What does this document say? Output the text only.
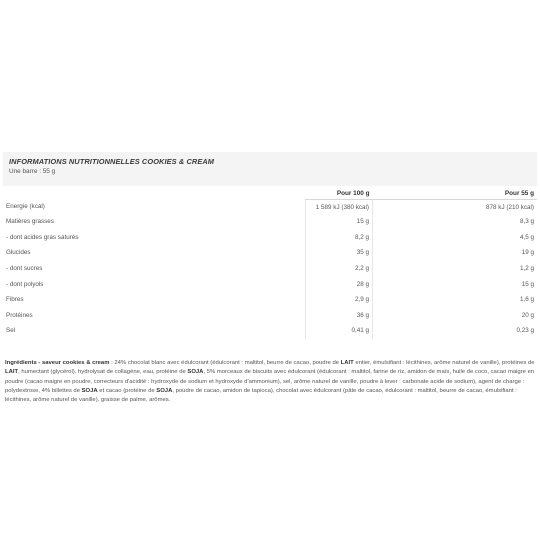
INFORMATIONS NUTRITIONNELLES COOKIES & CREAM
Une barre : 55 g
	Pour 100 g	Pour 55 g
Energie (kcal)	1 589 kJ (380 kcal)	878 kJ (210 kcal)
Matières grasses	15 g	8,3 g
- dont acides gras saturés	8,2 g	4,5 g
Glucides	35 g	19 g
- dont sucres	2,2 g	1,2 g
- dont polyols	28 g	15 g
Fibres	2,9 g	1,6 g
Protéines	36 g	20 g
Sel	0,41 g	0,23 g
Ingrédients - saveur cookies & cream : 24% chocolat blanc avec édulcorant (édulcorant : maltitol, beurre de cacao, poudre de LAIT entier, émulsifiant : lécithines, arôme naturel de vanille), protéines de LAIT, humectant (glycérol), hydrolysat de collagène, eau, protéine de SOJA, 5% morceaux de biscuits avec édulcorant (édulcorant : maltitol, farine de riz, amidon de maïs, huile de coco, cacao maigre en poudre (cacao maigre en poudre, correcteurs d'acidité : hydroxyde de sodium et hydroxyde d'ammonium), sel, arôme naturel de vanille, poudre à lever : carbonate acide de sodium), agent de charge : polydextrose, 4% billettes de SOJA et cacao (protéine de SOJA, poudre de cacao, amidon de tapioca), chocolat avec édulcorant (pâte de cacao, édulcorant : maltitol, beurre de cacao, émulsifiant : lécithines, arôme naturel de vanille), graisse de palme, arômes.
